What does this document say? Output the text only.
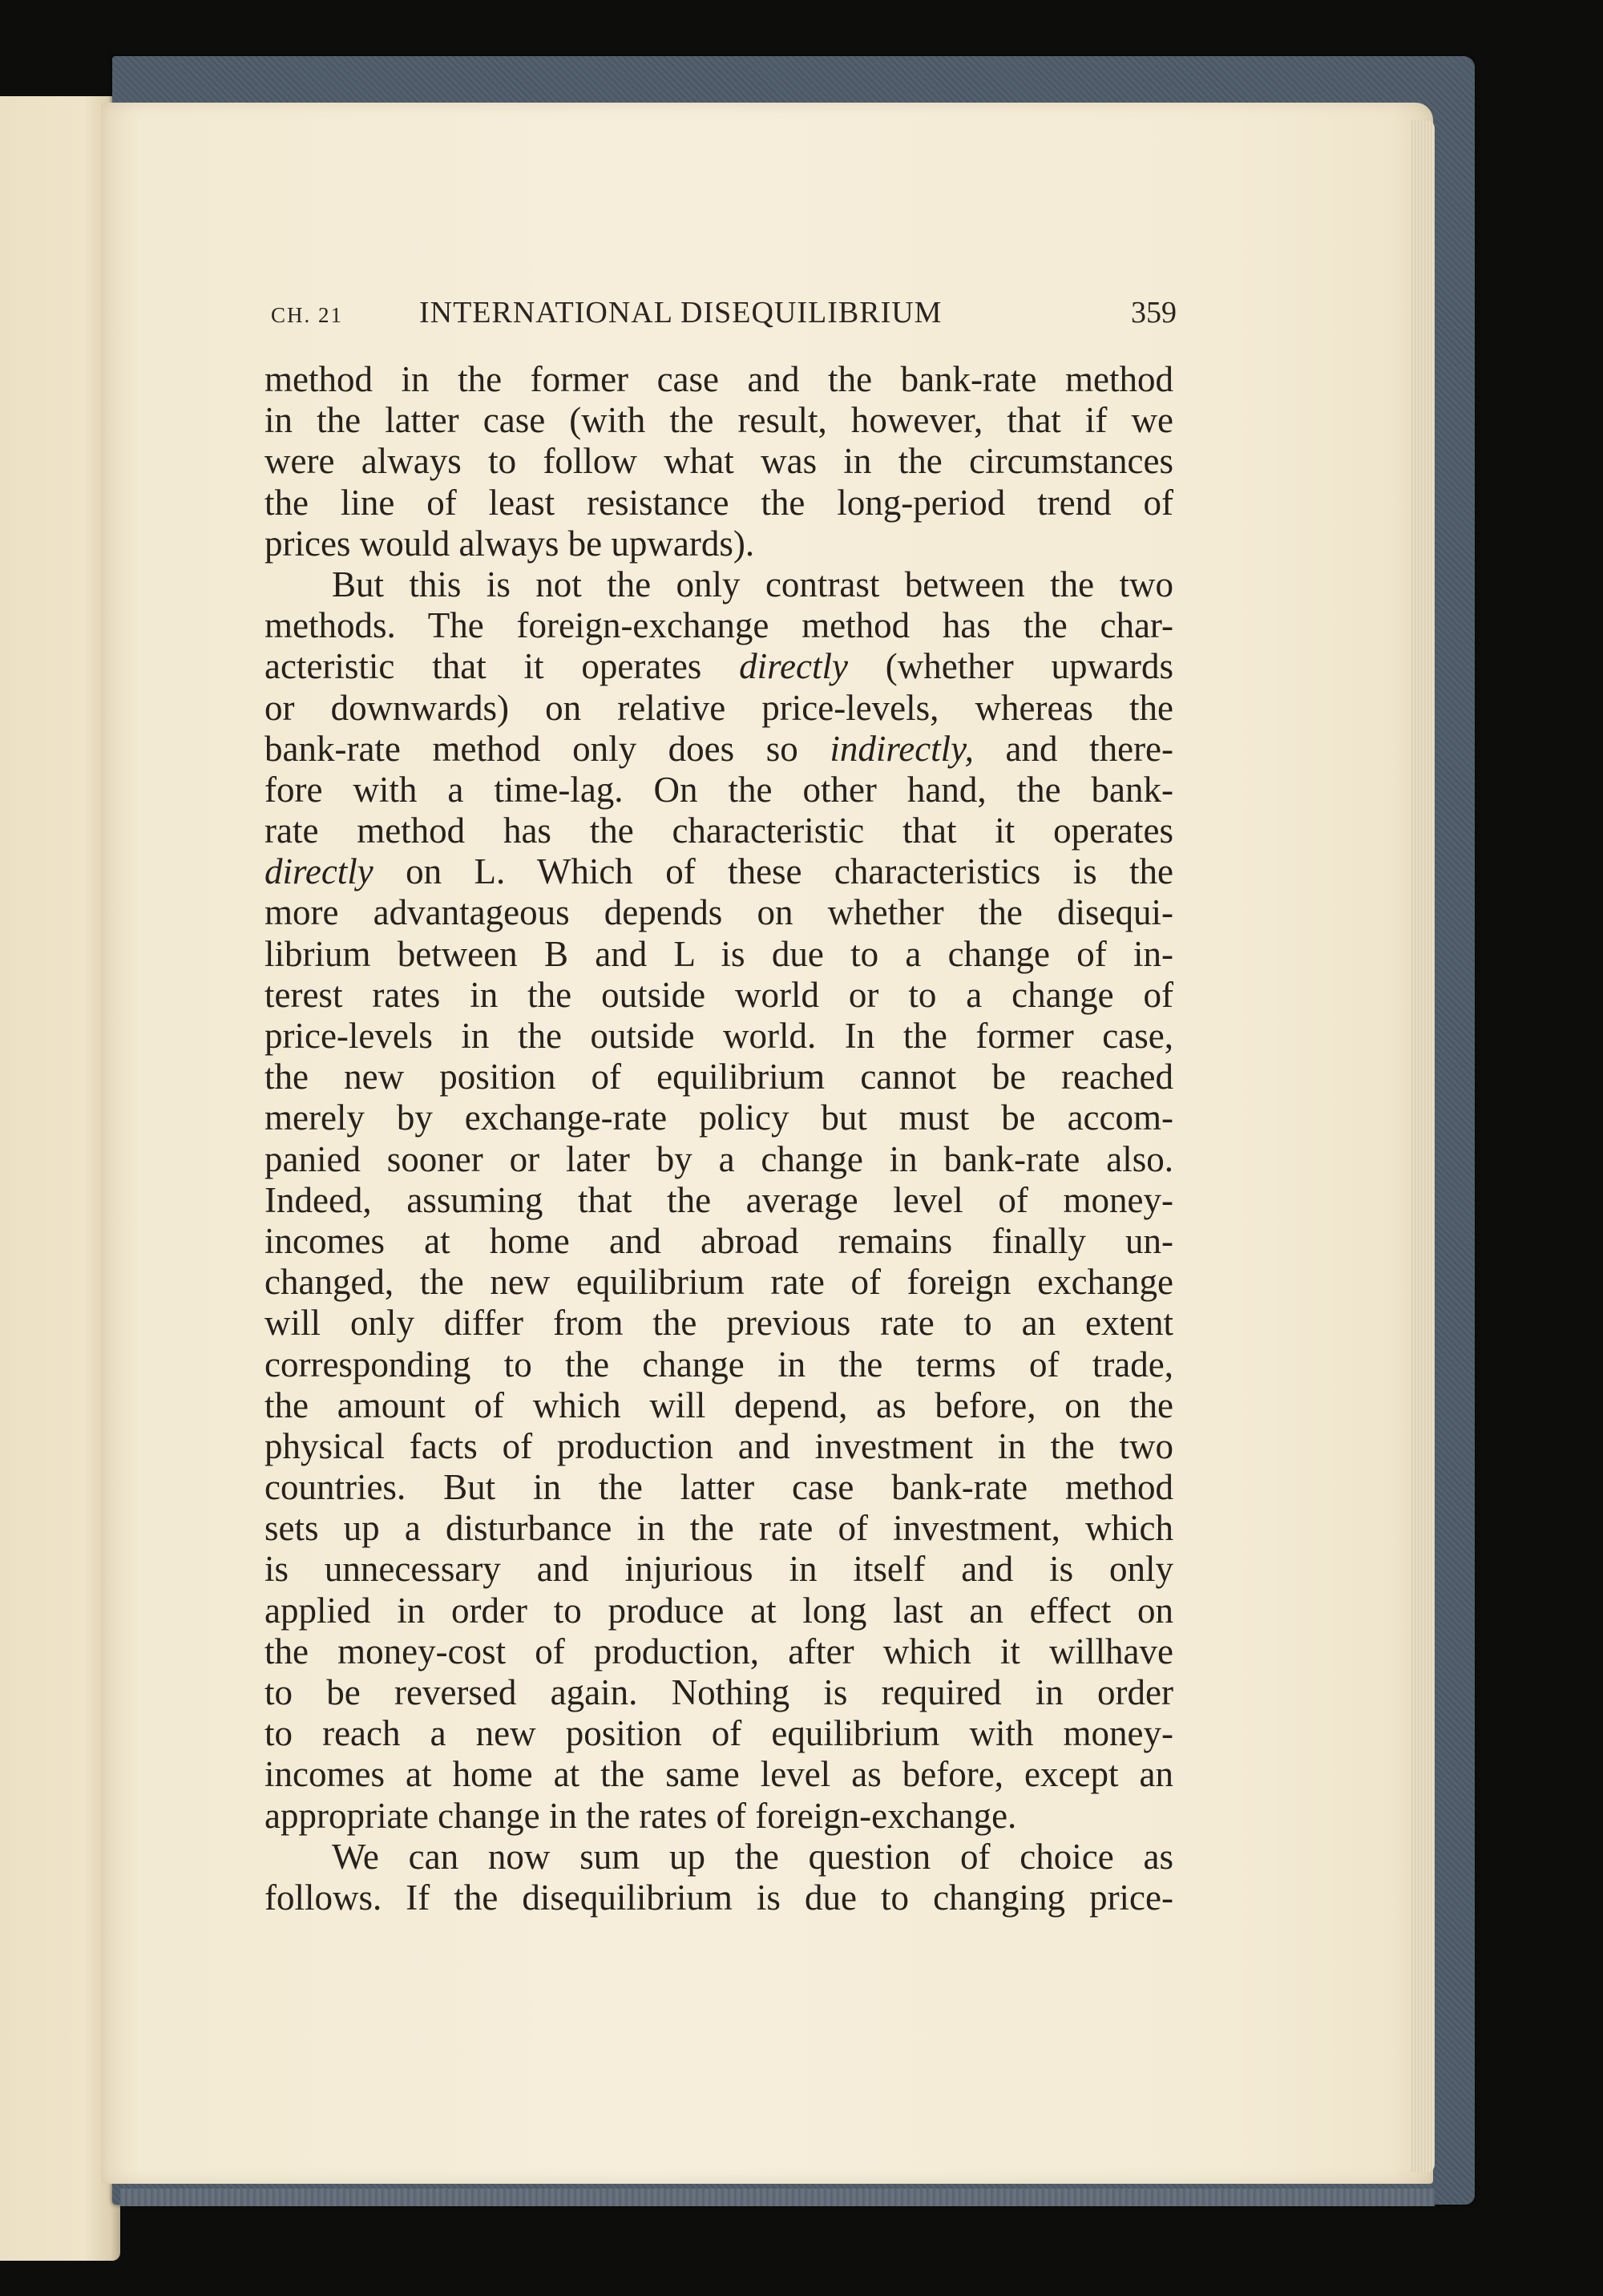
CH. 21 INTERNATIONAL DISEQUILIBRIUM	359
method in the former case and the bank-rate method
in the latter case (with the result, however, that if we
were always to follow what was in the circumstances
the line of least resistance the long-period trend of
prices would always be upwards).
But this is not the only contrast between the two
methods. The foreign-exchange method has the char-
acteristic that it operates directly (whether upwards
or downwards) on relative price-levels, whereas the
bank-rate method only does so indirectly, and there-
fore with a time-lag. On the other hand, the bank-
rate method has the characteristic that it operates
directly on L. Which of these characteristics is the
more advantageous depends on whether the disequi-
librium between B and L is due to a change of in-
terest rates in the outside world or to a change of
price-levels in the outside world. In the former case,
the new position of equilibrium cannot be reached
merely by exchange-rate policy but must be accom-
panied sooner or later by a change in bank-rate also.
Indeed, assuming that the average level of money-
incomes at home and abroad remains finally un-
changed, the new equilibrium rate of foreign exchange
will only differ from the previous rate to an extent
corresponding to the change in the terms of trade,
the amount of which will depend, as before, on the
physical facts of production and investment in the two
countries. But in the latter case bank-rate method
sets up a disturbance in the rate of investment, which
is unnecessary and injurious in itself and is only
applied in order to produce at long last an effect on
the money-cost of production, after which it willhave
to be reversed again. Nothing is required in order
to reach a new position of equilibrium with money-
incomes at home at the same level as before, except an
appropriate change in the rates of foreign-exchange.
We can now sum up the question of choice as
follows. If the disequilibrium is due to changing price-
